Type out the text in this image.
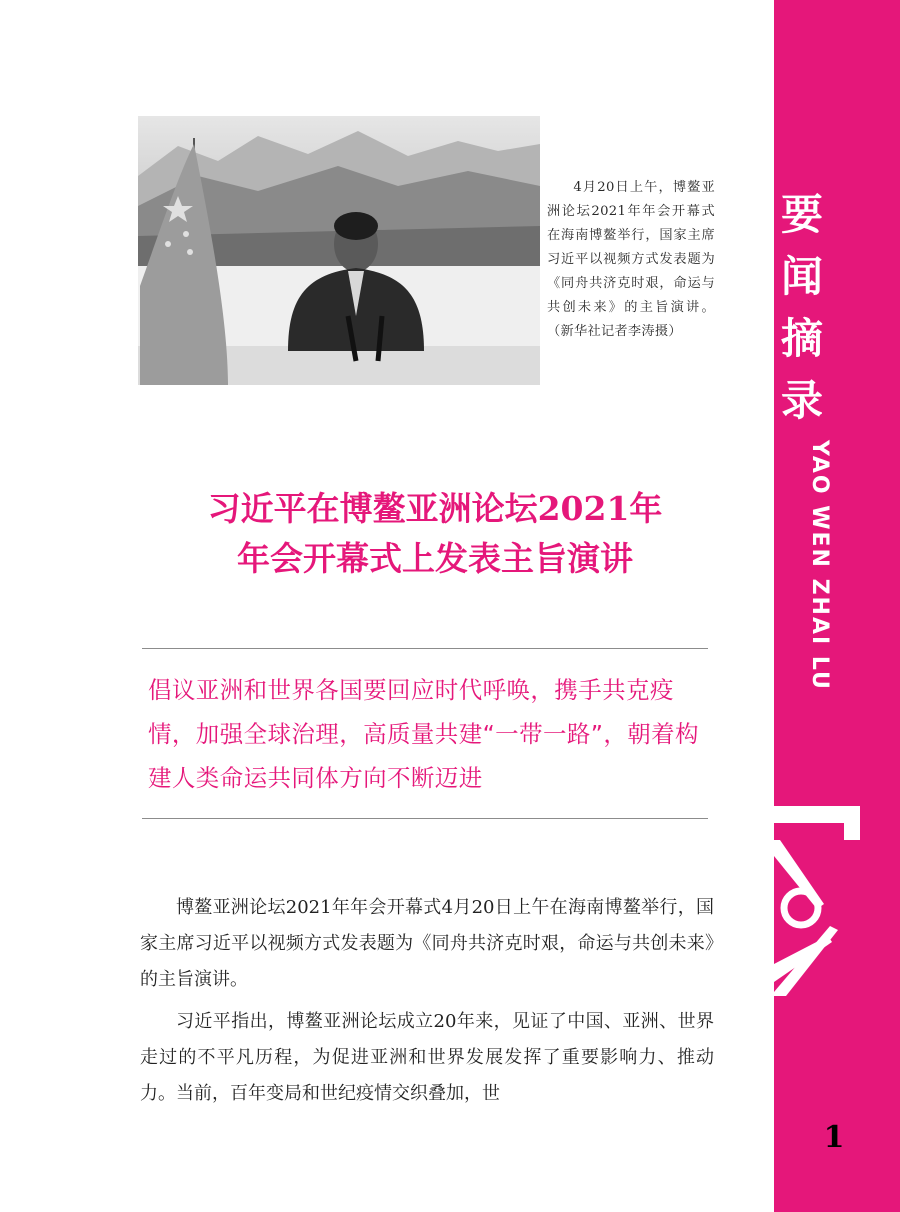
4月20日上午，博鳌亚洲论坛2021年年会开幕式在海南博鳌举行，国家主席习近平以视频方式发表题为《同舟共济克时艰，命运与共创未来》的主旨演讲。（新华社记者李涛摄）
习近平在博鳌亚洲论坛2021年
年会开幕式上发表主旨演讲
倡议亚洲和世界各国要回应时代呼唤，携手共克疫情，加强全球治理，高质量共建“一带一路”，朝着构建人类命运共同体方向不断迈进

博鳌亚洲论坛2021年年会开幕式4月20日上午在海南博鳌举行，国家主席习近平以视频方式发表题为《同舟共济克时艰，命运与共创未来》的主旨演讲。

习近平指出，博鳌亚洲论坛成立20年来，见证了中国、亚洲、世界走过的不平凡历程，为促进亚洲和世界发展发挥了重要影响力、推动力。当前，百年变局和世纪疫情交织叠加，世

要
闻
摘
录
YAO WEN ZHAI LU
1
